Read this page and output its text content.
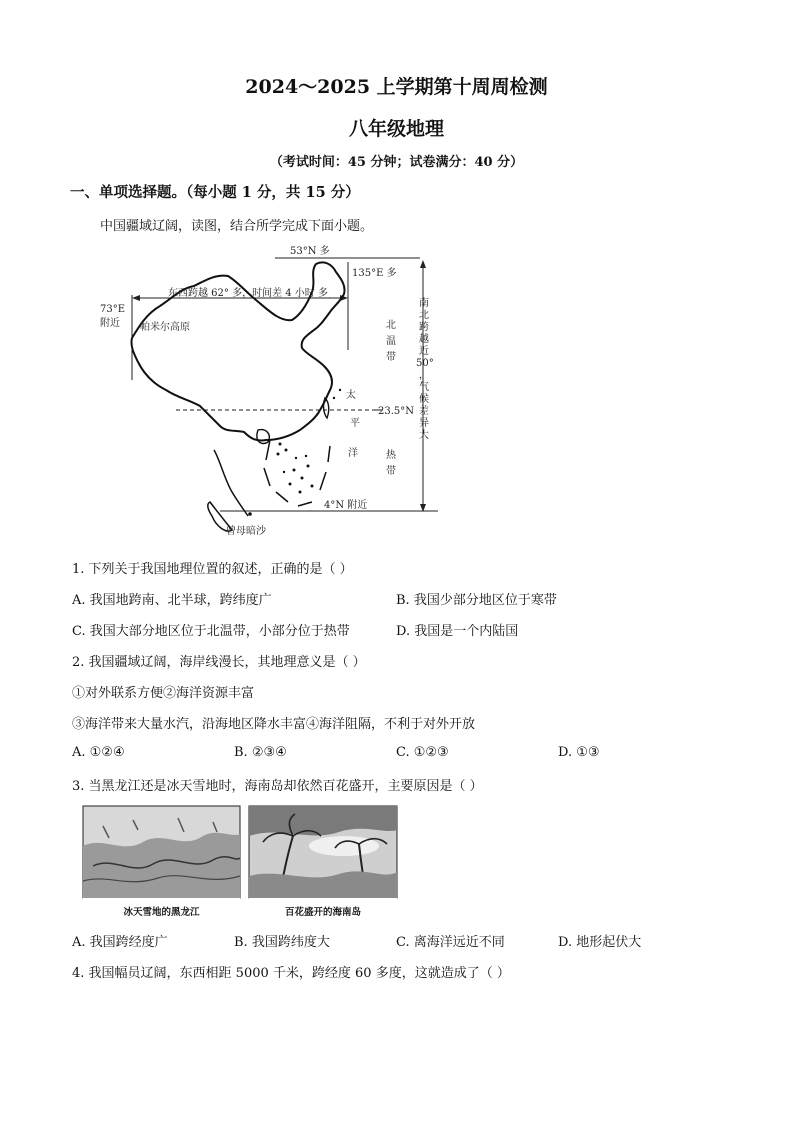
2024～2025 上学期第十周周检测
八年级地理
（考试时间：45 分钟；试卷满分：40 分）
一、单项选择题。（每小题 1 分，共 15 分）
中国疆域辽阔，读图，结合所学完成下面小题。
53°N 多
135°E 多
73°E
附近
东西跨越 62° 多，时间差 4 小时 多
帕米尔高原	北
温
带
太
平
洋
23.5°N
热
带
4°N 附近
曾母暗沙
南
北
跨
越
近
50°
，
气
候
差
异
大
1. 下列关于我国地理位置的叙述，正确的是（ ）
A. 我国地跨南、北半球，跨纬度广	B. 我国少部分地区位于寒带
C. 我国大部分地区位于北温带，小部分位于热带	D. 我国是一个内陆国
2. 我国疆域辽阔，海岸线漫长，其地理意义是（ ）
①对外联系方便②海洋资源丰富
③海洋带来大量水汽，沿海地区降水丰富④海洋阻隔，不利于对外开放
A. ①②④	B. ②③④	C. ①②③	D. ①③
3. 当黑龙江还是冰天雪地时，海南岛却依然百花盛开，主要原因是（ ）
冰天雪地的黑龙江	百花盛开的海南岛
A. 我国跨经度广	B. 我国跨纬度大	C. 离海洋远近不同	D. 地形起伏大
4. 我国幅员辽阔，东西相距 5000 千米，跨经度 60 多度，这就造成了（ ）
